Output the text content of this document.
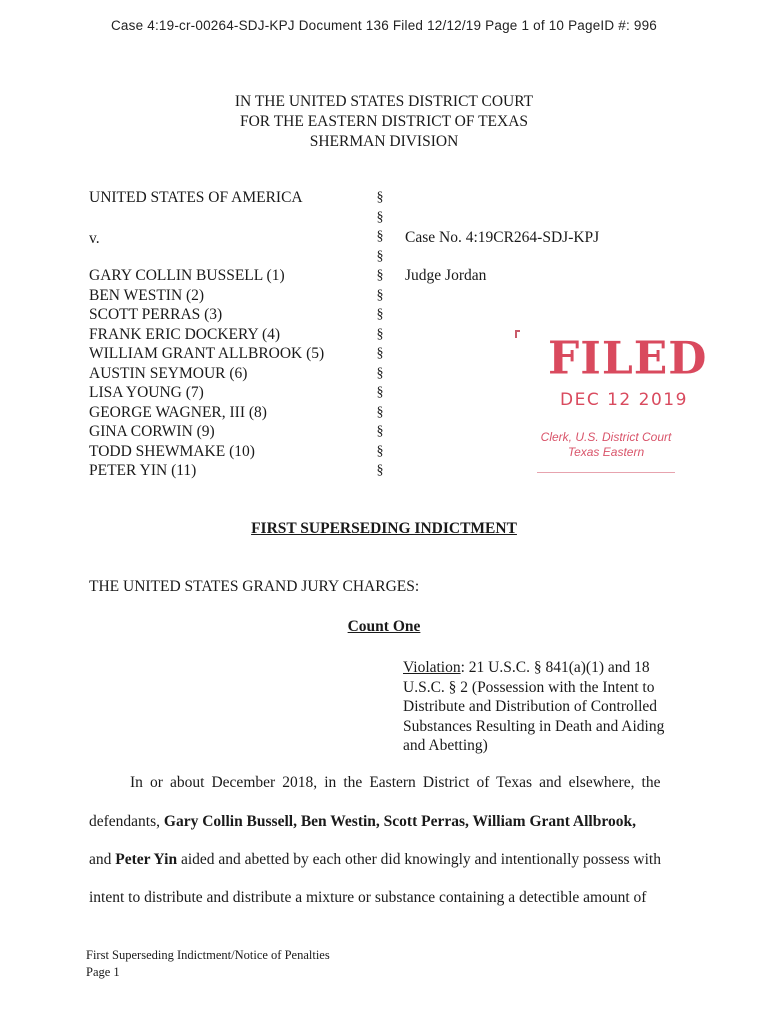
Case 4:19-cr-00264-SDJ-KPJ Document 136 Filed 12/12/19 Page 1 of 10 PageID #: 996
IN THE UNITED STATES DISTRICT COURT
FOR THE EASTERN DISTRICT OF TEXAS
SHERMAN DIVISION
UNITED STATES OF AMERICA
v.
GARY COLLIN BUSSELL (1)
BEN WESTIN (2)
SCOTT PERRAS (3)
FRANK ERIC DOCKERY (4)
WILLIAM GRANT ALLBROOK (5)
AUSTIN SEYMOUR (6)
LISA YOUNG (7)
GEORGE WAGNER, III (8)
GINA CORWIN (9)
TODD SHEWMAKE (10)
PETER YIN (11)
§
§
§
§
§
§
§
§
§
§
§
§
§
§
§
Case No. 4:19CR264-SDJ-KPJ
Judge Jordan
FILED
DEC 12 2019
Clerk, U.S. District Court
Texas Eastern
FIRST SUPERSEDING INDICTMENT
THE UNITED STATES GRAND JURY CHARGES:
Count One
Violation: 21 U.S.C. § 841(a)(1) and 18 U.S.C. § 2 (Possession with the Intent to Distribute and Distribution of Controlled Substances Resulting in Death and Aiding and Abetting)
In or about December 2018, in the Eastern District of Texas and elsewhere, the
defendants, Gary Collin Bussell, Ben Westin, Scott Perras, William Grant Allbrook,
and Peter Yin aided and abetted by each other did knowingly and intentionally possess with
intent to distribute and distribute a mixture or substance containing a detectible amount of
First Superseding Indictment/Notice of Penalties
Page 1
